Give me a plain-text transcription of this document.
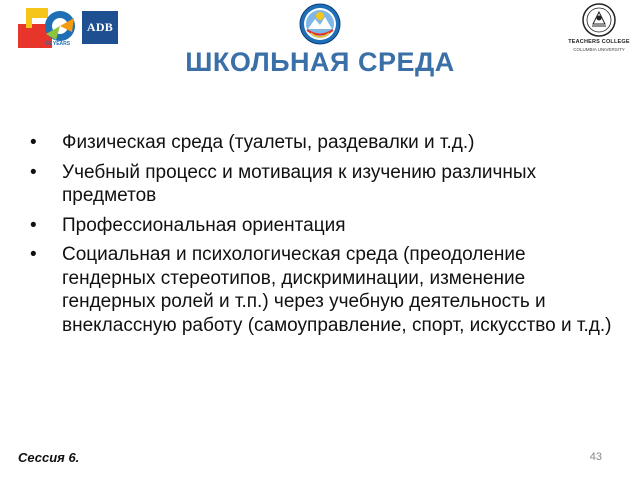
50 YEARS
ADB
TEACHERS COLLEGE
COLUMBIA UNIVERSITY
ШКОЛЬНАЯ СРЕДА
• Физическая среда (туалеты, раздевалки и т.д.)
• Учебный процесс и мотивация к изучению различных предметов
• Профессиональная ориентация
• Социальная и психологическая среда (преодоление гендерных стереотипов, дискриминации, изменение гендерных ролей и т.п.) через учебную деятельность и внеклассную работу (самоуправление, спорт, искусство и т.д.)
Сессия 6.	43
